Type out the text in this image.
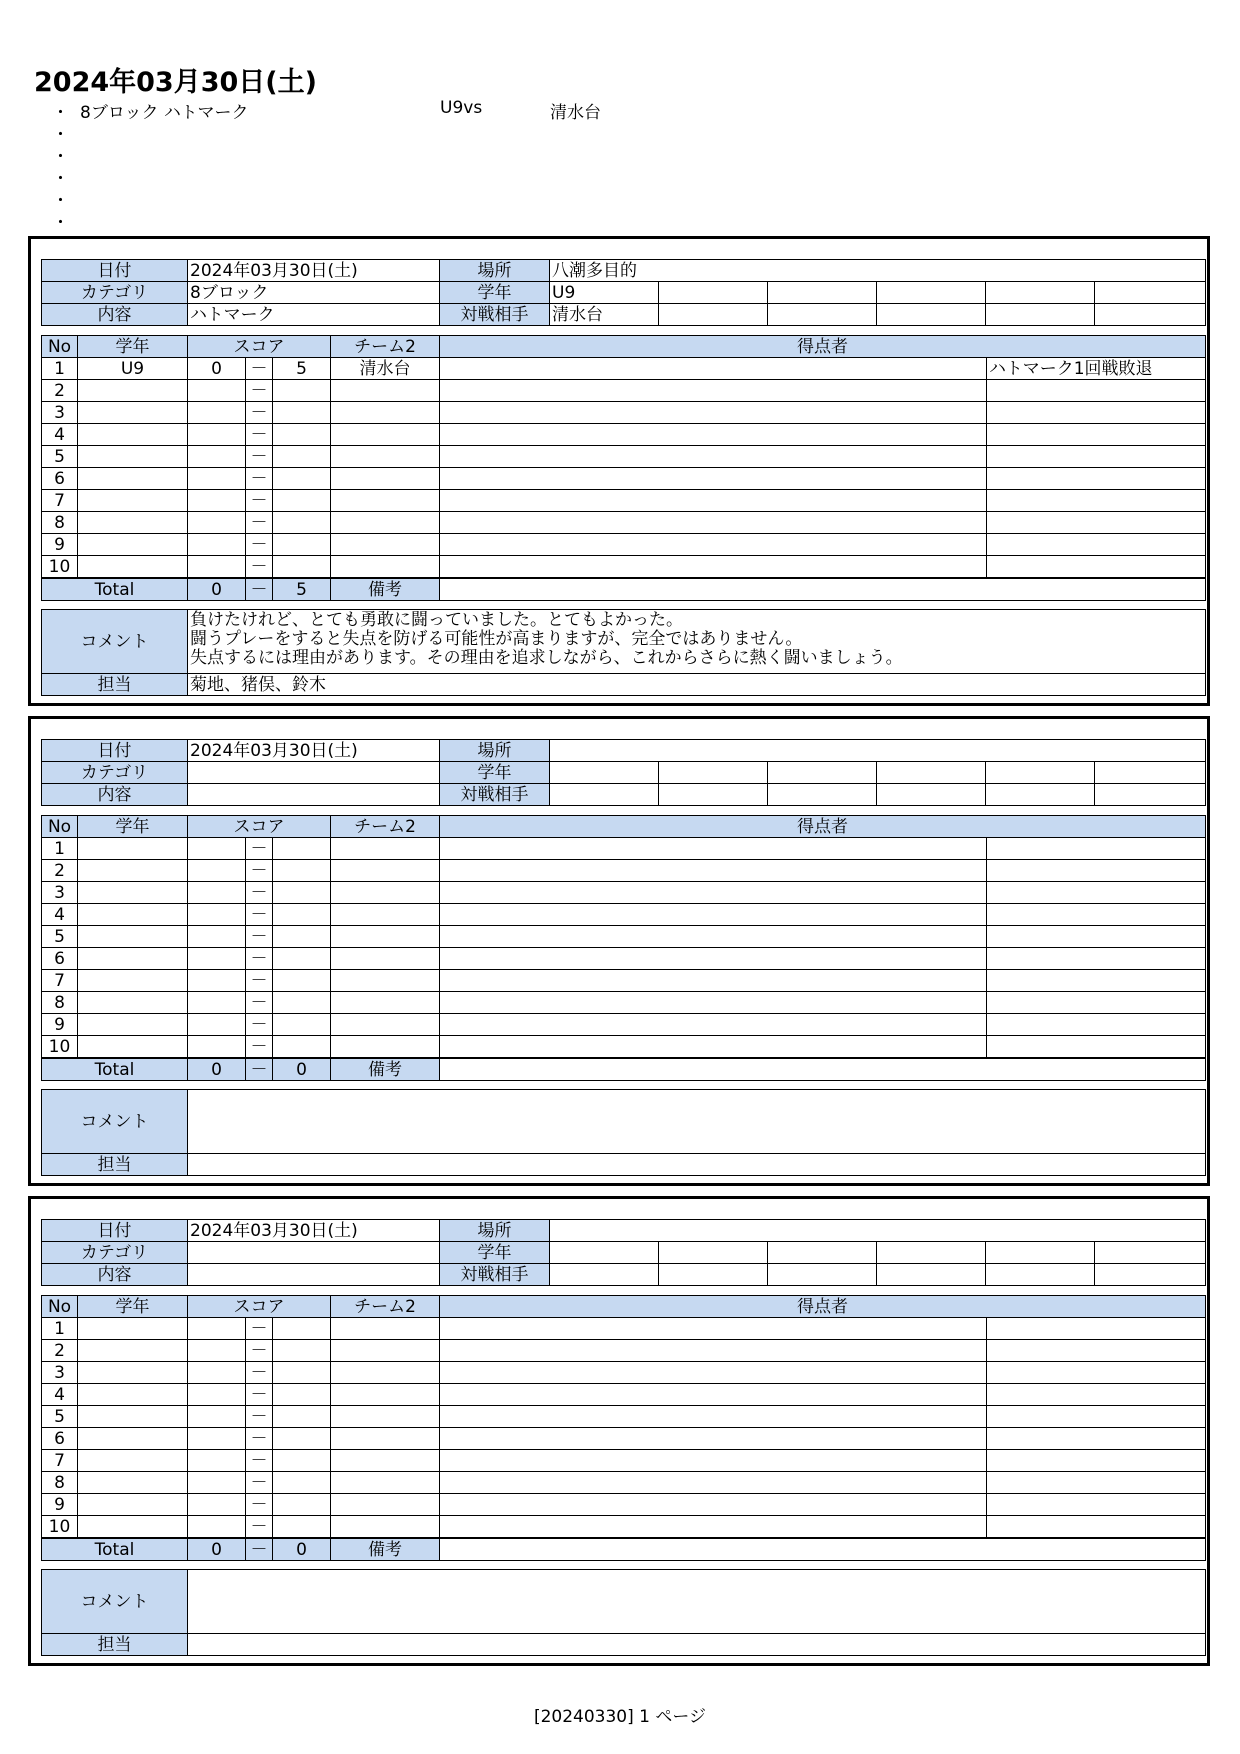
2024年03月30日(土)
・ 8ブロック ハトマーク	U9vs	清水台
・
・
・
・
・
日付	2024年03月30日(土)	場所	八潮多目的					
カテゴリ	8ブロック	学年	U9					
内容	ハトマーク	対戦相手	清水台					
No	学年	スコア			チーム2	得点者	
1	U9	0	－	5	清水台		ハトマーク1回戦敗退
2			－				
3			－				
4			－				
5			－				
6			－				
7			－				
8			－				
9			－				
10			－				
Total		0	－	5	備考		
コメント	負けたけれど、とても勇敢に闘っていました。とてもよかった。
闘うプレーをすると失点を防げる可能性が高まりますが、完全ではありません。
失点するには理由があります。その理由を追求しながら、これからさらに熱く闘いましょう。

担当	菊地、猪俣、鈴木
日付	2024年03月30日(土)	場所						
カテゴリ		学年						
内容		対戦相手						
No	学年	スコア			チーム2	得点者	
1			－				
2			－				
3			－				
4			－				
5			－				
6			－				
7			－				
8			－				
9			－				
10			－				
Total		0	－	0	備考		
コメント	

担当	
日付	2024年03月30日(土)	場所						
カテゴリ		学年						
内容		対戦相手						
No	学年	スコア			チーム2	得点者	
1			－				
2			－				
3			－				
4			－				
5			－				
6			－				
7			－				
8			－				
9			－				
10			－				
Total		0	－	0	備考		
コメント	

担当	
[20240330] 1 ページ
